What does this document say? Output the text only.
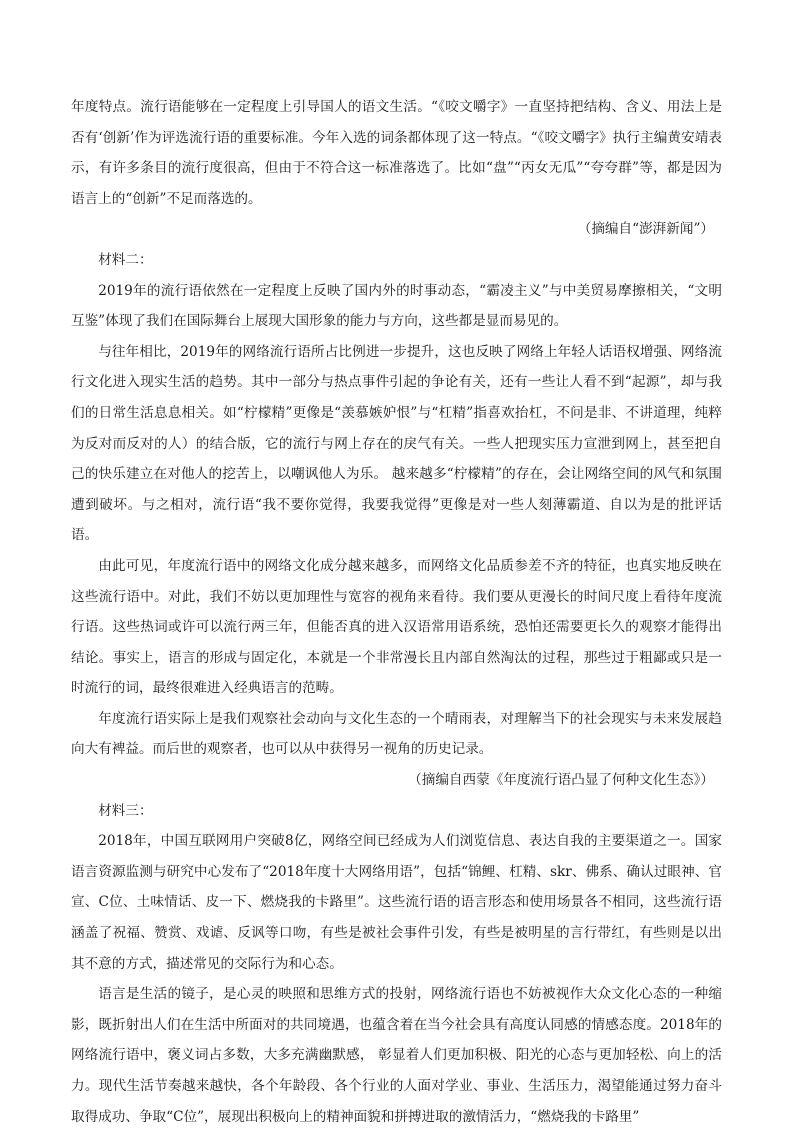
年度特点。流行语能够在一定程度上引导国人的语文生活。“《咬文嚼字》一直坚持把结构、含义、用法上是否有‘创新’作为评选流行语的重要标准。今年入选的词条都体现了这一特点。“《咬文嚼字》执行主编黄安靖表示，有许多条目的流行度很高，但由于不符合这一标准落选了。比如“盘”“丙女无瓜”“夸夸群”等，都是因为语言上的“创新”不足而落选的。

（摘编自“澎湃新闻”）

材料二：

2019年的流行语依然在一定程度上反映了国内外的时事动态，“霸凌主义”与中美贸易摩擦相关，“文明互鉴”体现了我们在国际舞台上展现大国形象的能力与方向，这些都是显而易见的。

与往年相比，2019年的网络流行语所占比例进一步提升，这也反映了网络上年轻人话语权增强、网络流行文化进入现实生活的趋势。其中一部分与热点事件引起的争论有关，还有一些让人看不到“起源”，却与我们的日常生活息息相关。如“柠檬精”更像是“羡慕嫉妒恨”与“杠精”指喜欢抬杠，不问是非、不讲道理，纯粹为反对而反对的人）的结合版，它的流行与网上存在的戾气有关。一些人把现实压力宣泄到网上，甚至把自己的快乐建立在对他人的挖苦上，以嘲讽他人为乐。 越来越多“柠檬精”的存在，会让网络空间的风气和氛围遭到破坏。与之相对，流行语“我不要你觉得，我要我觉得”更像是对一些人刻薄霸道、自以为是的批评话语。

由此可见，年度流行语中的网络文化成分越来越多，而网络文化品质参差不齐的特征，也真实地反映在这些流行语中。对此，我们不妨以更加理性与宽容的视角来看待。我们要从更漫长的时间尺度上看待年度流行语。这些热词或许可以流行两三年，但能否真的进入汉语常用语系统，恐怕还需要更长久的观察才能得出结论。事实上，语言的形成与固定化，本就是一个非常漫长且内部自然淘汰的过程，那些过于粗鄙或只是一时流行的词，最终很难进入经典语言的范畴。

年度流行语实际上是我们观察社会动向与文化生态的一个晴雨表，对理解当下的社会现实与未来发展趋向大有裨益。而后世的观察者，也可以从中获得另一视角的历史记录。

（摘编自西蒙《年度流行语凸显了何种文化生态》）

材料三：

2018年，中国互联网用户突破8亿，网络空间已经成为人们浏览信息、表达自我的主要渠道之一。国家语言资源监测与研究中心发布了“2018年度十大网络用语”，包括“锦鲤、杠精、skr、佛系、确认过眼神、官宣、C位、土味情话、皮一下、燃烧我的卡路里”。这些流行语的语言形态和使用场景各不相同，这些流行语涵盖了祝福、赞赏、戏谑、反讽等口吻，有些是被社会事件引发，有些是被明星的言行带红，有些则是以出其不意的方式，描述常见的交际行为和心态。

语言是生活的镜子，是心灵的映照和思维方式的投射，网络流行语也不妨被视作大众文化心态的一种缩影，既折射出人们在生活中所面对的共同境遇，也蕴含着在当今社会具有高度认同感的情感态度。2018年的网络流行语中，褒义词占多数，大多充满幽默感， 彰显着人们更加积极、阳光的心态与更加轻松、向上的活力。现代生活节奏越来越快，各个年龄段、各个行业的人面对学业、事业、生活压力，渴望能通过努力奋斗取得成功、争取“C位”，展现出积极向上的精神面貌和拼搏进取的激情活力，“燃烧我的卡路里”
